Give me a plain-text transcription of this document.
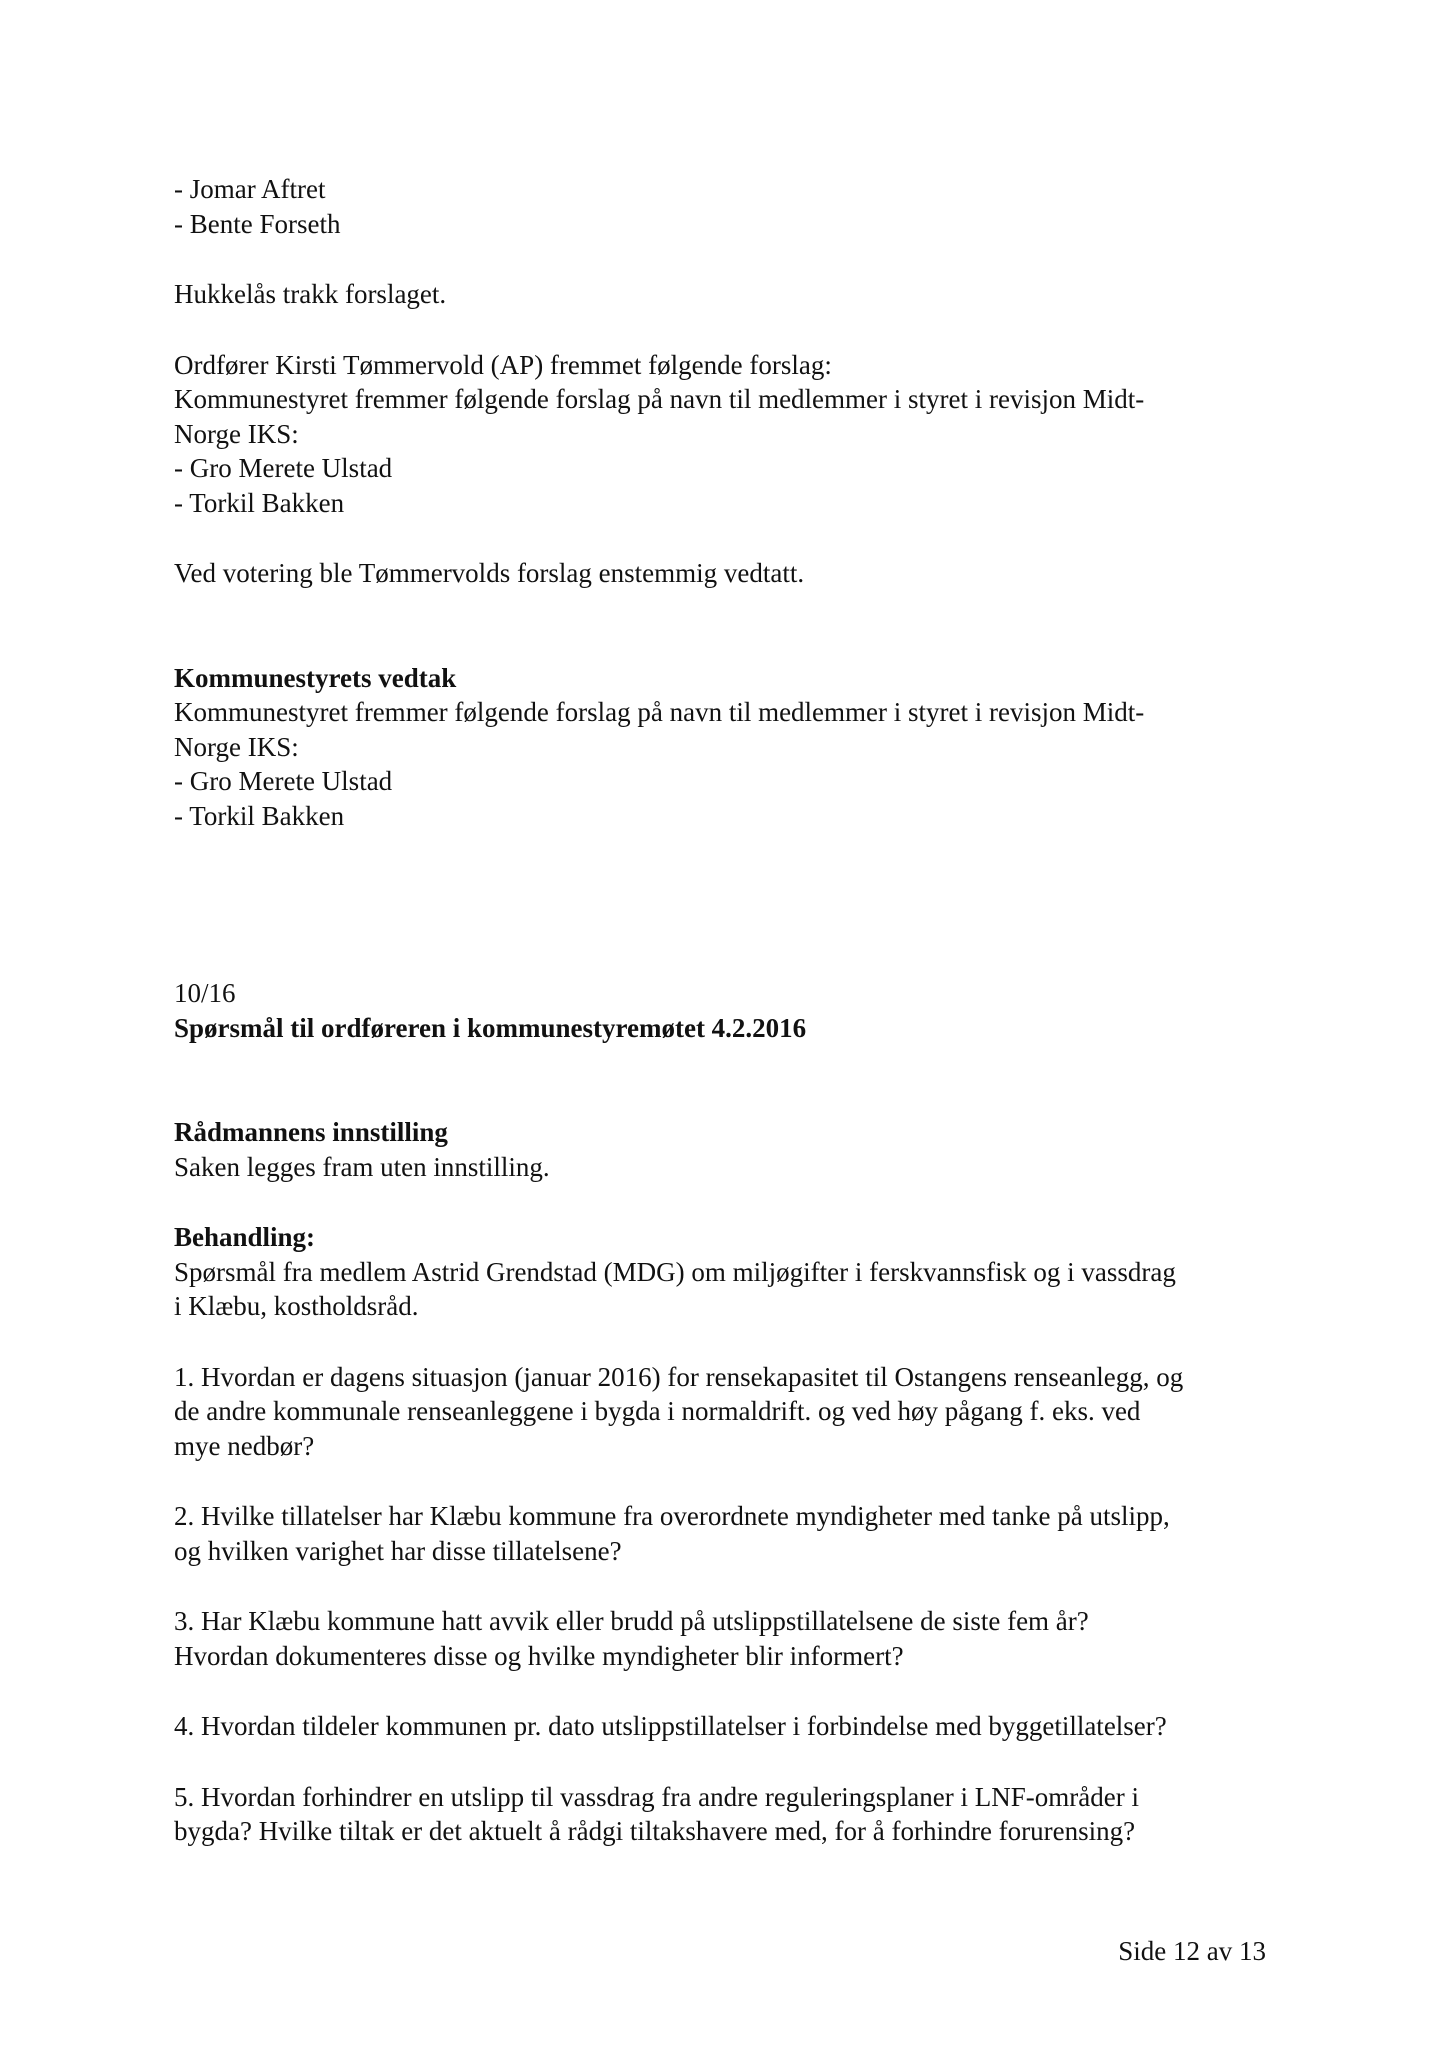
- Jomar Aftret
- Bente Forseth
Hukkelås trakk forslaget.
Ordfører Kirsti Tømmervold (AP) fremmet følgende forslag:
Kommunestyret fremmer følgende forslag på navn til medlemmer i styret i revisjon Midt-
Norge IKS:
- Gro Merete Ulstad
- Torkil Bakken
Ved votering ble Tømmervolds forslag enstemmig vedtatt.
Kommunestyrets vedtak
Kommunestyret fremmer følgende forslag på navn til medlemmer i styret i revisjon Midt-
Norge IKS:
- Gro Merete Ulstad
- Torkil Bakken
10/16
Spørsmål til ordføreren i kommunestyremøtet 4.2.2016
Rådmannens innstilling
Saken legges fram uten innstilling.
Behandling:
Spørsmål fra medlem Astrid Grendstad (MDG) om miljøgifter i ferskvannsfisk og i vassdrag
i Klæbu, kostholdsråd.
1. Hvordan er dagens situasjon (januar 2016) for rensekapasitet til Ostangens renseanlegg, og
de andre kommunale renseanleggene i bygda i normaldrift. og ved høy pågang f. eks. ved
mye nedbør?
2. Hvilke tillatelser har Klæbu kommune fra overordnete myndigheter med tanke på utslipp,
og hvilken varighet har disse tillatelsene?
3. Har Klæbu kommune hatt avvik eller brudd på utslippstillatelsene de siste fem år?
Hvordan dokumenteres disse og hvilke myndigheter blir informert?
4. Hvordan tildeler kommunen pr. dato utslippstillatelser i forbindelse med byggetillatelser?
5. Hvordan forhindrer en utslipp til vassdrag fra andre reguleringsplaner i LNF-områder i
bygda? Hvilke tiltak er det aktuelt å rådgi tiltakshavere med, for å forhindre forurensing?
Side 12 av 13
